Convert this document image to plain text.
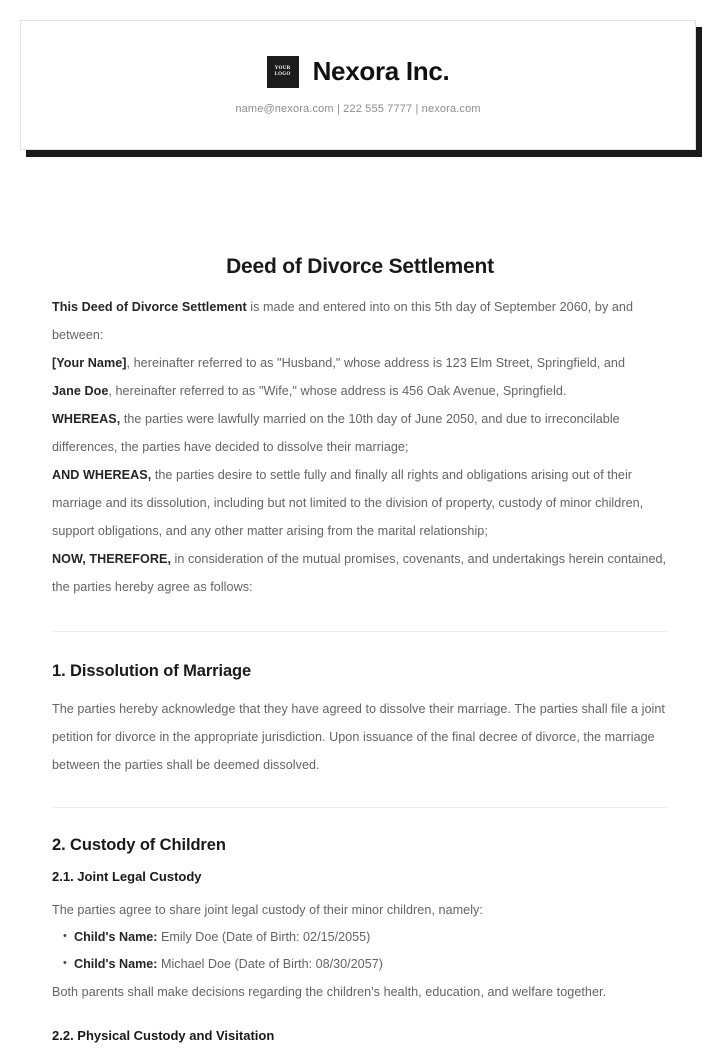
YOUR
LOGO Nexora Inc.
name@nexora.com | 222 555 7777 | nexora.com
Deed of Divorce Settlement

This Deed of Divorce Settlement is made and entered into on this 5th day of September 2060, by and between:

[Your Name], hereinafter referred to as "Husband," whose address is 123 Elm Street, Springfield, and

Jane Doe, hereinafter referred to as "Wife," whose address is 456 Oak Avenue, Springfield.

WHEREAS, the parties were lawfully married on the 10th day of June 2050, and due to irreconcilable differences, the parties have decided to dissolve their marriage;

AND WHEREAS, the parties desire to settle fully and finally all rights and obligations arising out of their marriage and its dissolution, including but not limited to the division of property, custody of minor children, support obligations, and any other matter arising from the marital relationship;

NOW, THEREFORE, in consideration of the mutual promises, covenants, and undertakings herein contained, the parties hereby agree as follows:

1. Dissolution of Marriage

The parties hereby acknowledge that they have agreed to dissolve their marriage. The parties shall file a joint petition for divorce in the appropriate jurisdiction. Upon issuance of the final decree of divorce, the marriage between the parties shall be deemed dissolved.

2. Custody of Children
2.1. Joint Legal Custody

The parties agree to share joint legal custody of their minor children, namely:

• Child's Name: Emily Doe (Date of Birth: 02/15/2055)
• Child's Name: Michael Doe (Date of Birth: 08/30/2057)

Both parents shall make decisions regarding the children's health, education, and welfare together.

2.2. Physical Custody and Visitation
